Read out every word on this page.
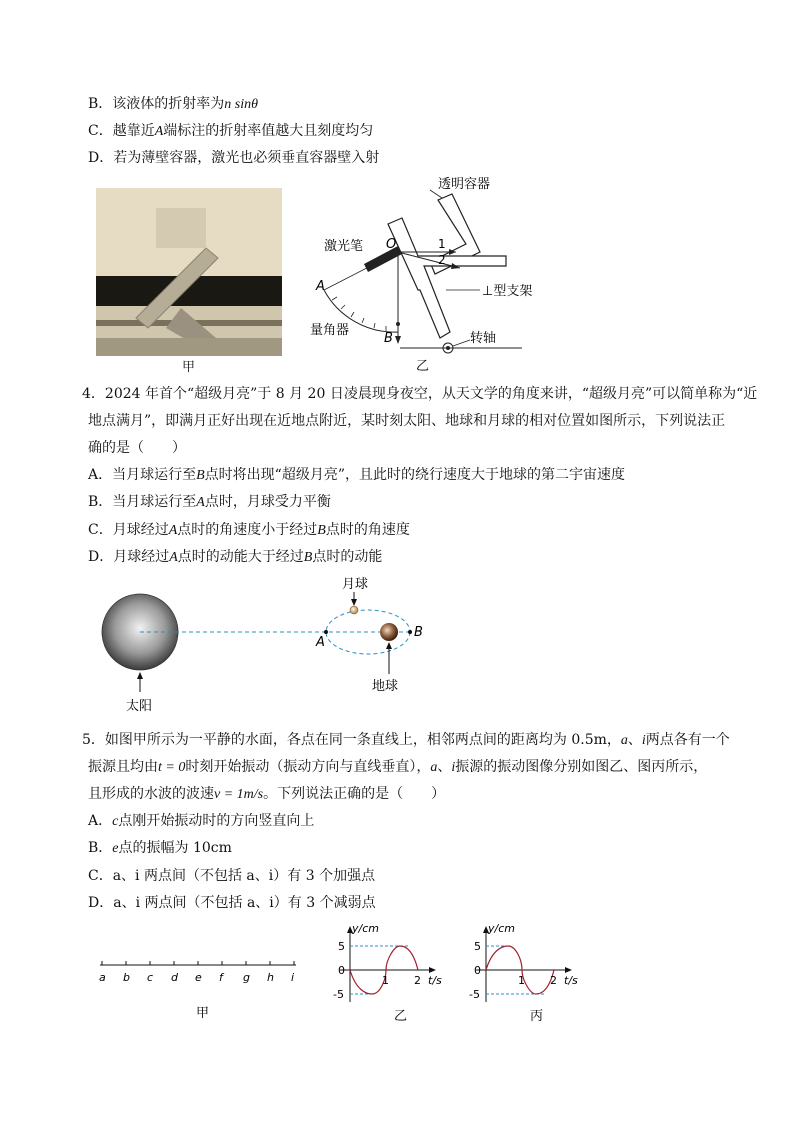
B．该液体的折射率为n sinθ
C．越靠近A端标注的折射率值越大且刻度均匀
D．若为薄壁容器，激光也必须垂直容器壁入射
甲
透明容器
激光笔 O	1
2
⊥型支架
A
量角器
B	转轴
乙
4．2024 年首个“超级月亮”于 8 月 20 日凌晨现身夜空，从天文学的角度来讲，“超级月亮”可以简单称为“近
地点满月”，即满月正好出现在近地点附近，某时刻太阳、地球和月球的相对位置如图所示，下列说法正
确的是（　　）
A．当月球运行至B点时将出现“超级月亮”，且此时的绕行速度大于地球的第二宇宙速度
B．当月球运行至A点时，月球受力平衡
C．月球经过A点时的角速度小于经过B点时的角速度
D．月球经过A点时的动能大于经过B点时的动能
月球
A
B
地球
太阳
5．如图甲所示为一平静的水面，各点在同一条直线上，相邻两点间的距离均为 0.5m，a、i两点各有一个
振源且均由t = 0时刻开始振动（振动方向与直线垂直），a、i振源的振动图像分别如图乙、图丙所示，
且形成的水波的波速v = 1m/s。下列说法正确的是（　　）
A．c点刚开始振动时的方向竖直向上
B．e点的振幅为 10cm
C．a、i 两点间（不包括 a、i）有 3 个加强点
D．a、i 两点间（不包括 a、i）有 3 个减弱点
a b c d e f g h i
甲
y/cm
5
0
-5
1 2 t/s
乙
y/cm
5
0
-5
1 2 t/s
丙
